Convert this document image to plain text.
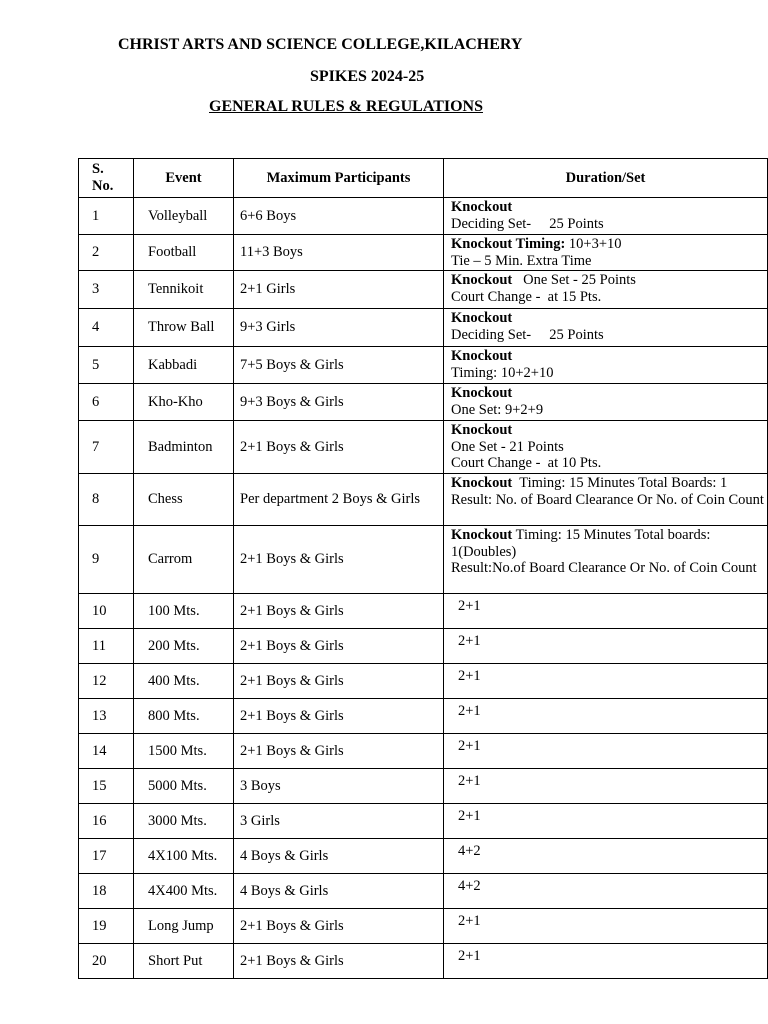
CHRIST ARTS AND SCIENCE COLLEGE,KILACHERY
SPIKES 2024-25
GENERAL RULES & REGULATIONS
S.
No.	Event	Maximum Participants	Duration/Set
1	Volleyball	6+6 Boys	Knockout
Deciding Set-     25 Points

2	Football	11+3 Boys	Knockout Timing: 10+3+10
Tie – 5 Min. Extra Time

3	Tennikoit	2+1 Girls	Knockout   One Set - 25 Points
Court Change -  at 15 Pts.

4	Throw Ball	9+3 Girls	Knockout
Deciding Set-     25 Points

5	Kabbadi	7+5 Boys & Girls	Knockout
Timing: 10+2+10

6	Kho-Kho	9+3 Boys & Girls	Knockout
One Set: 9+2+9

7	Badminton	2+1 Boys & Girls	Knockout
One Set - 21 Points
Court Change -  at 10 Pts.

8	Chess	Per department 2 Boys & Girls	Knockout  Timing: 15 Minutes Total Boards: 1
Result: No. of Board Clearance Or No. of Coin Count

9	Carrom	2+1 Boys & Girls	Knockout Timing: 15 Minutes Total boards: 1(Doubles)
Result:No.of Board Clearance Or No. of Coin Count

10	100 Mts.	2+1 Boys & Girls	2+1
11	200 Mts.	2+1 Boys & Girls	2+1
12	400 Mts.	2+1 Boys & Girls	2+1
13	800 Mts.	2+1 Boys & Girls	2+1
14	1500 Mts.	2+1 Boys & Girls	2+1
15	5000 Mts.	3 Boys	2+1
16	3000 Mts.	3 Girls	2+1
17	4X100 Mts.	4 Boys & Girls	4+2
18	4X400 Mts.	4 Boys & Girls	4+2
19	Long Jump	2+1 Boys & Girls	2+1
20	Short Put	2+1 Boys & Girls	2+1
